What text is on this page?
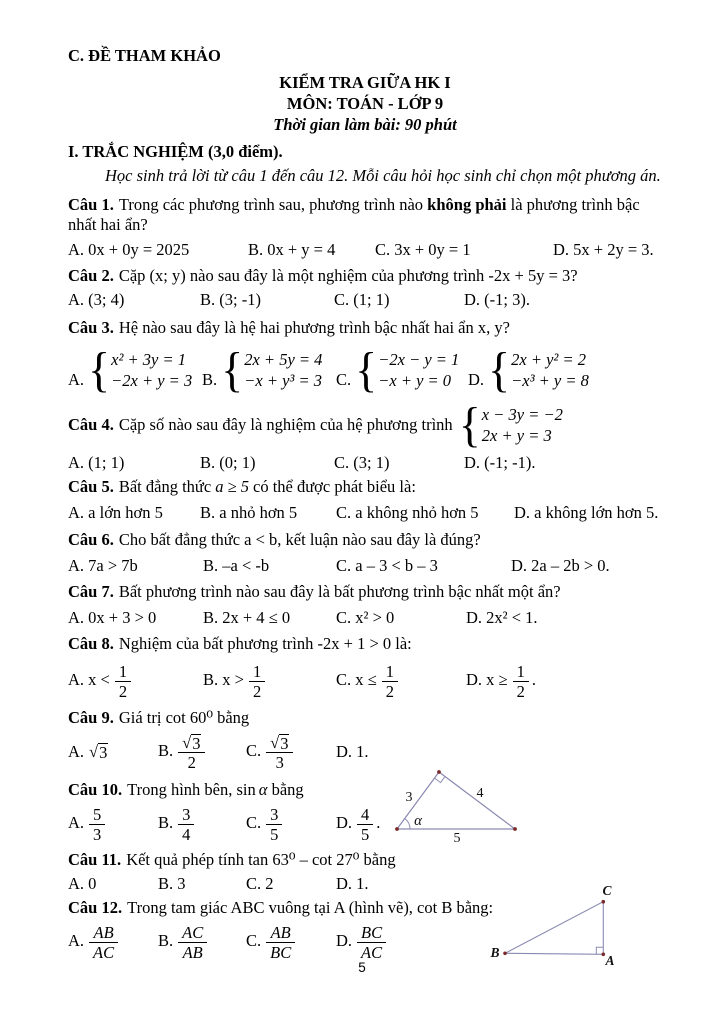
C. ĐỀ THAM KHẢO
KIỂM TRA GIỮA HK I
MÔN: TOÁN - LỚP 9
Thời gian làm bài: 90 phút
I. TRẮC NGHIỆM (3,0 điểm).
Học sinh trả lời từ câu 1 đến câu 12. Mỗi câu hỏi học sinh chỉ chọn một phương án.
Câu 1. Trong các phương trình sau, phương trình nào không phải là phương trình bậc nhất hai ẩn?
A. 0x + 0y = 2025	B. 0x + y = 4	C. 3x + 0y = 1	D. 5x + 2y = 3.
Câu 2. Cặp (x; y) nào sau đây là một nghiệm của phương trình -2x + 5y = 3?
A. (3; 4)	B. (3; -1)	C. (1; 1)	D. (-1; 3).
Câu 3. Hệ nào sau đây là hệ hai phương trình bậc nhất hai ẩn x, y?
A. { x² + 3y = 1
−2x + y = 3 B. { 2x + 5y = 4
−x + y³ = 3 C. { −2x − y = 1
−x + y = 0	D. { 2x + y² = 2
−x³ + y = 8
Câu 4. Cặp số nào sau đây là nghiệm của hệ phương trình { x − 3y = −2
2x + y = 3
A. (1; 1)	B. (0; 1)	C. (3; 1)	D. (-1; -1).
Câu 5. Bất đẳng thức a ≥ 5 có thể được phát biểu là:
A. a lớn hơn 5	B. a nhỏ hơn 5	C. a không nhỏ hơn 5	D. a không lớn hơn 5.
Câu 6. Cho bất đẳng thức a < b, kết luận nào sau đây là đúng?
A. 7a > 7b	B. –a < -b	C. a – 3 < b – 3	D. 2a – 2b > 0.
Câu 7. Bất phương trình nào sau đây là bất phương trình bậc nhất một ẩn?
A. 0x + 3 > 0	B. 2x + 4 ≤ 0	C. x² > 0	D. 2x² < 1.
Câu 8. Nghiệm của bất phương trình -2x + 1 > 0 là:
A. $x < \frac{1}{2}$	B. $x > \frac{1}{2}$	C. $x \le \frac{1}{2}$	D. $x \ge \frac{1}{2}$ .
Câu 9. Giá trị cot 60⁰ bằng
A. √ 3	B. $\frac{√ 3}{2} C$. $\frac{√ 3}{3}$	D. 1.
Câu 10. Trong hình bên, sin α bằng
A. $\frac{5}{3}$	B. $\frac{3}{4}$	C. $\frac{3}{5}$	D. $\frac{4}{5}$ .
Câu 11. Kết quả phép tính tan 63⁰ – cot 27⁰ bằng
A. 0	B. 3	C. 2	D. 1.
Câu 12. Trong tam giác ABC vuông tại A (hình vẽ), cot B bằng:
A. $\frac{AB}{AC} B$. $\frac{AC}{AB} C$. $\frac{AB}{BC} D$. $\frac{BC}{AC}$
3	4
5
α
B
A
C
5
